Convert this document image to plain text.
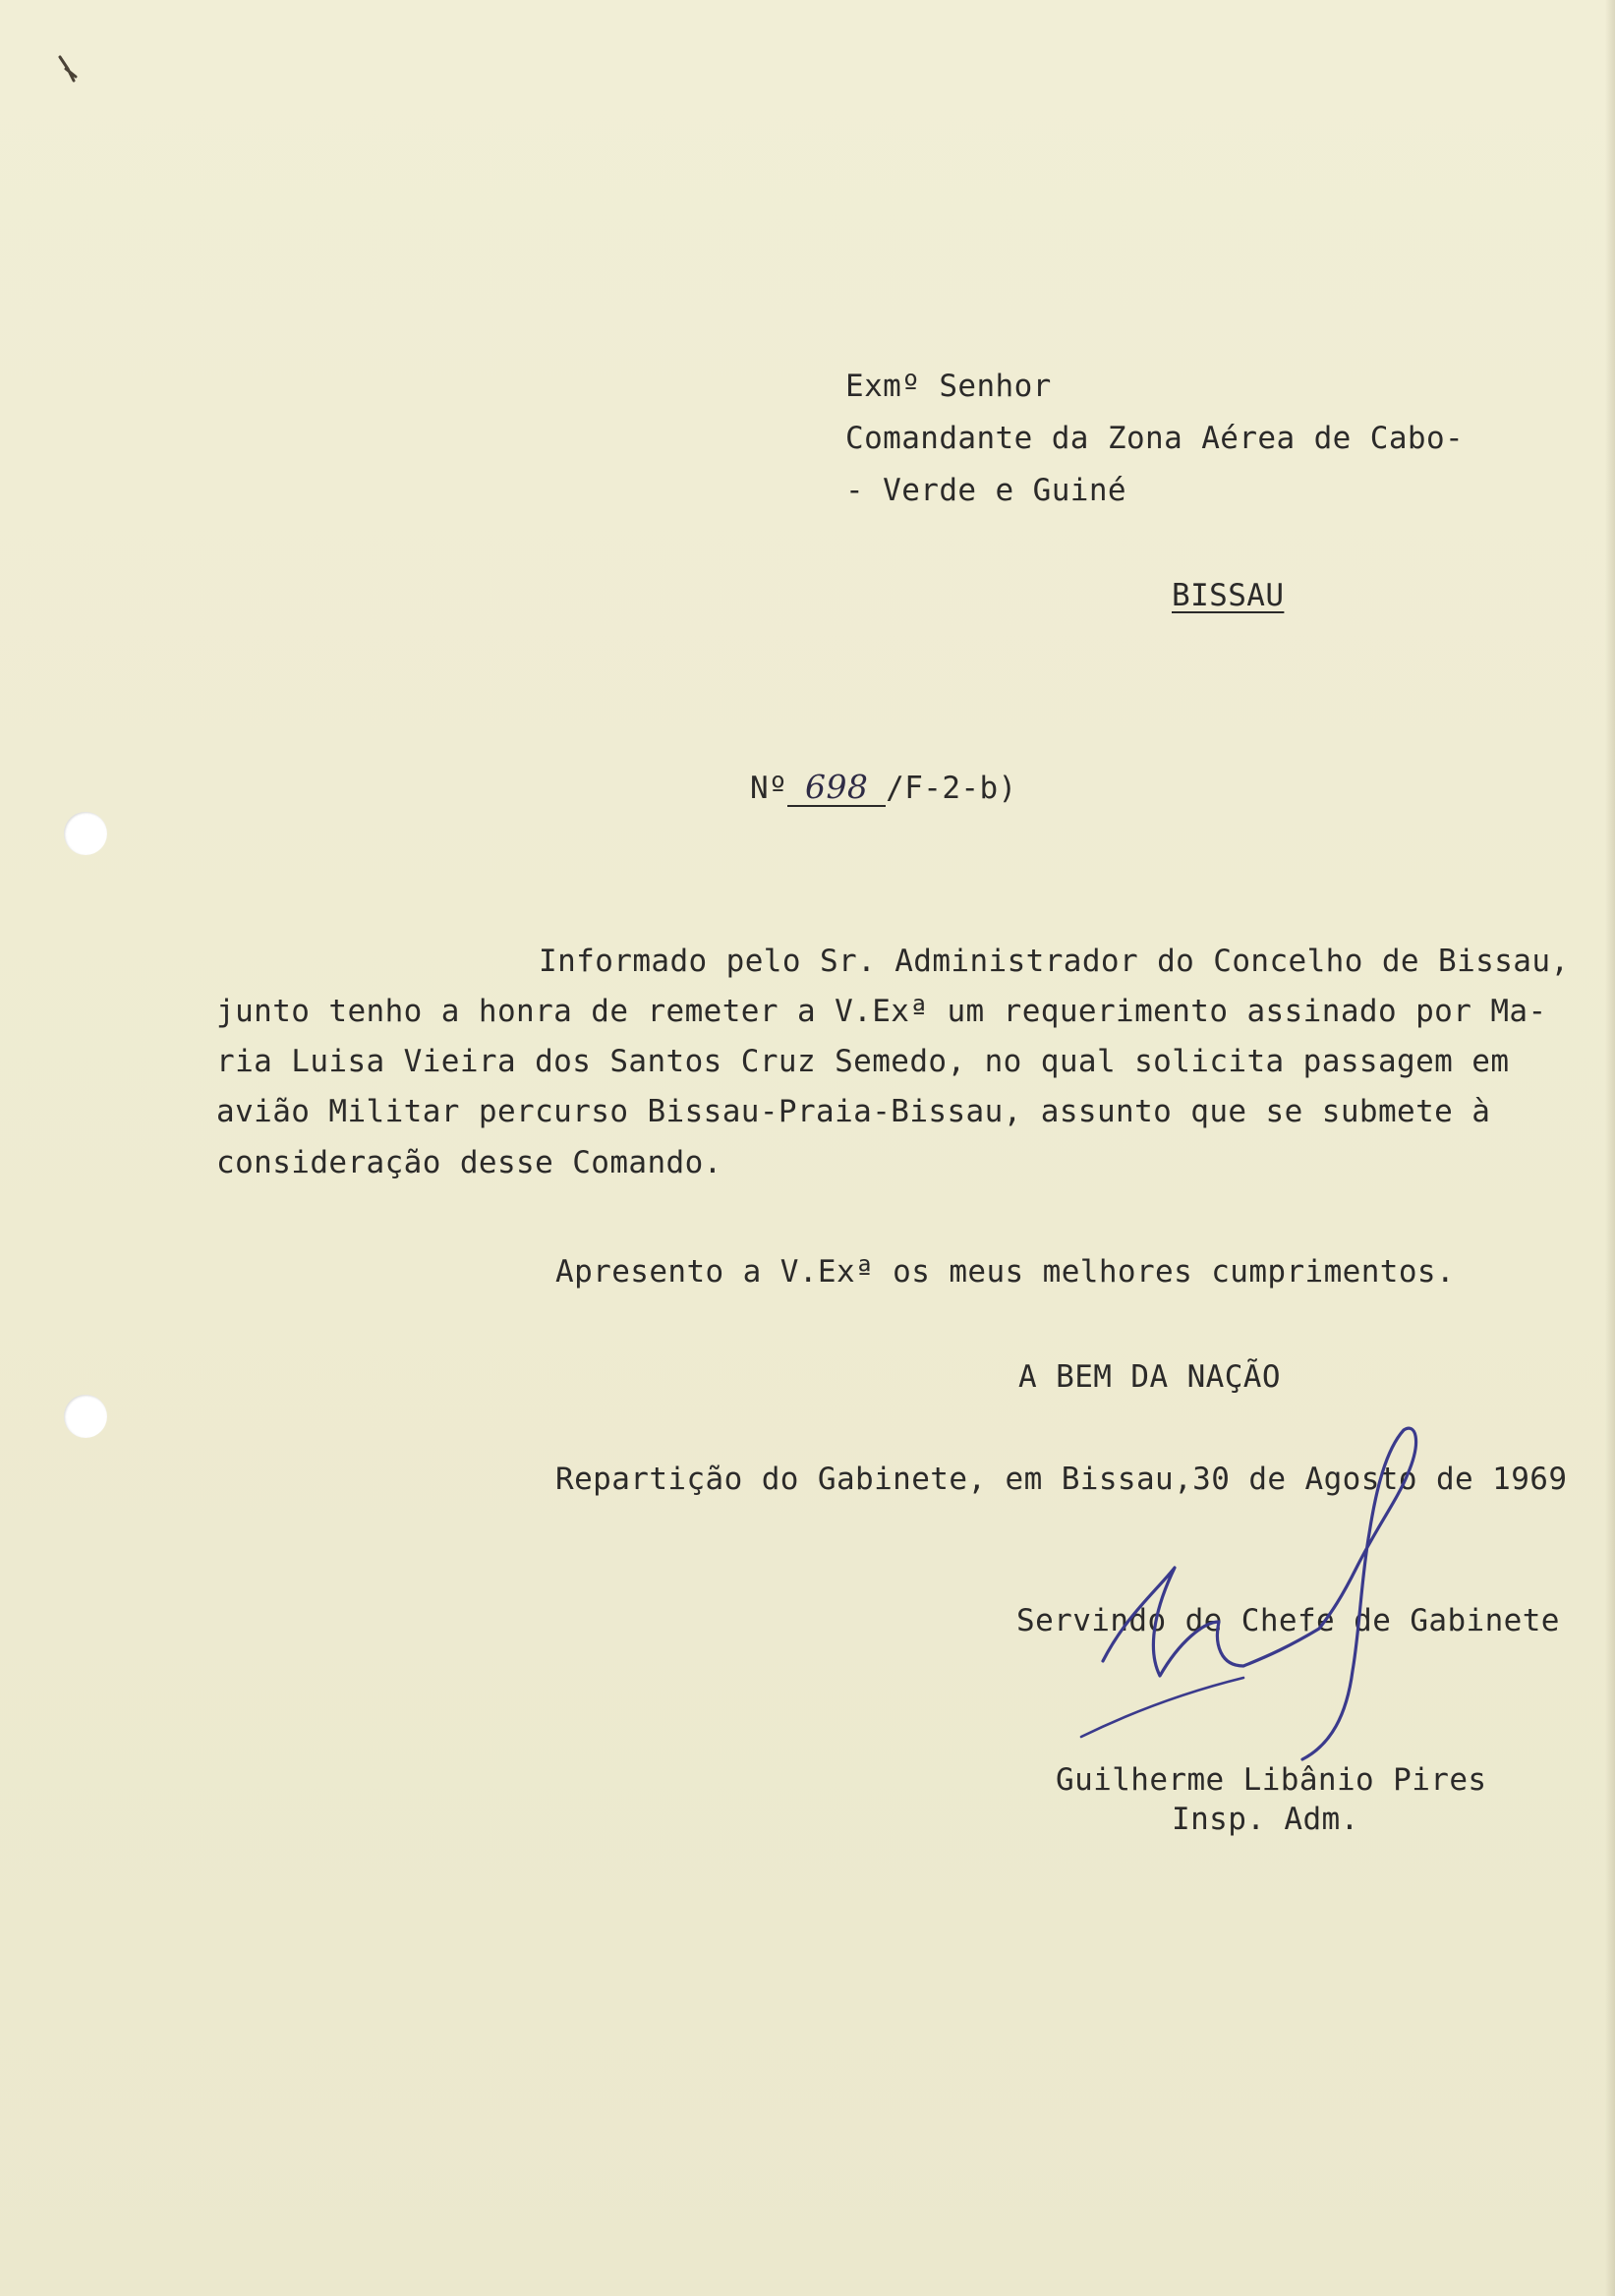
Exmº Senhor
Comandante da Zona Aérea de Cabo-
- Verde e Guiné
BISSAU
Nº 698 /F-2-b)
Informado pelo Sr. Administrador do Concelho de Bissau,
junto tenho a honra de remeter a V.Exª um requerimento assinado por Ma-
ria Luisa Vieira dos Santos Cruz Semedo, no qual solicita passagem em
avião Militar percurso Bissau-Praia-Bissau, assunto que se submete à
consideração desse Comando.
Apresento a V.Exª os meus melhores cumprimentos.
A BEM DA NAÇÃO
Repartição do Gabinete, em Bissau,30 de Agosto de 1969
Servindo de Chefe de Gabinete
Guilherme Libânio Pires
Insp. Adm.
